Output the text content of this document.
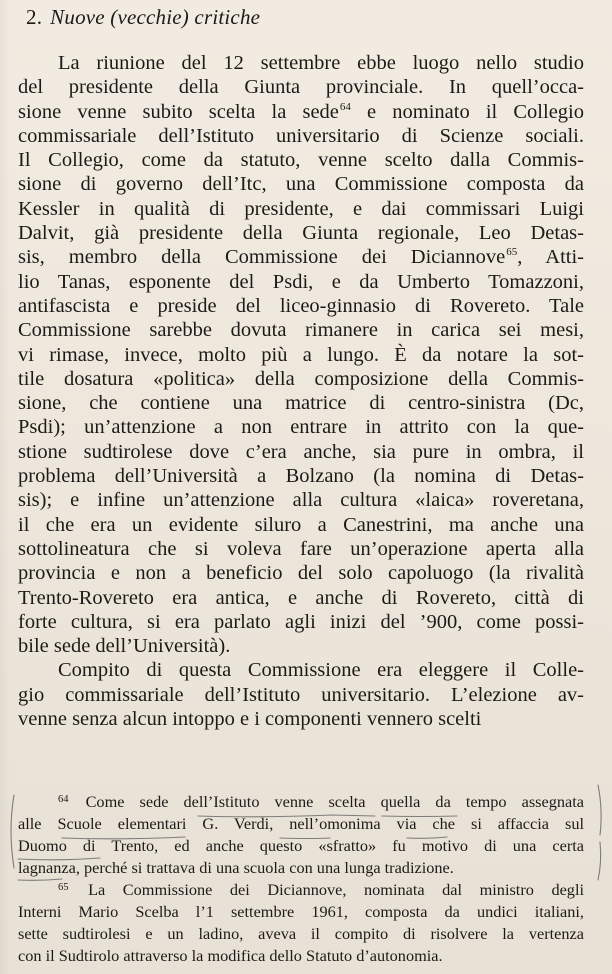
2. Nuove (vecchie) critiche
La riunione del 12 settembre ebbe luogo nello studio
del presidente della Giunta provinciale. In quell’occa-
sione venne subito scelta la sede$^{64}$ e nominato il Collegio
commissariale dell’Istituto universitario di Scienze sociali.
Il Collegio, come da statuto, venne scelto dalla Commis-
sione di governo dell’Itc, una Commissione composta da
Kessler in qualità di presidente, e dai commissari Luigi
Dalvit, già presidente della Giunta regionale, Leo Detas-
sis, membro della Commissione dei Diciannove$^{65}$, Atti-
lio Tanas, esponente del Psdi, e da Umberto Tomazzoni,
antifascista e preside del liceo-ginnasio di Rovereto. Tale
Commissione sarebbe dovuta rimanere in carica sei mesi,
vi rimase, invece, molto più a lungo. È da notare la sot-
tile dosatura «politica» della composizione della Commis-
sione, che contiene una matrice di centro-sinistra (Dc,
Psdi); un’attenzione a non entrare in attrito con la que-
stione sudtirolese dove c’era anche, sia pure in ombra, il
problema dell’Università a Bolzano (la nomina di Detas-
sis); e infine un’attenzione alla cultura «laica» roveretana,
il che era un evidente siluro a Canestrini, ma anche una
sottolineatura che si voleva fare un’operazione aperta alla
provincia e non a beneficio del solo capoluogo (la rivalità
Trento-Rovereto era antica, e anche di Rovereto, città di
forte cultura, si era parlato agli inizi del ’900, come possi-
bile sede dell’Università).
Compito di questa Commissione era eleggere il Colle-
gio commissariale dell’Istituto universitario. L’elezione av-
venne senza alcun intoppo e i componenti vennero scelti
$^{64}$ Come sede dell’Istituto venne scelta quella da tempo assegnata
alle Scuole elementari G. Verdi, nell’omonima via che si affaccia sul
Duomo di Trento, ed anche questo «sfratto» fu motivo di una certa
lagnanza, perché si trattava di una scuola con una lunga tradizione.
$^{65}$ La Commissione dei Diciannove, nominata dal ministro degli
Interni Mario Scelba l’1 settembre 1961, composta da undici italiani,
sette sudtirolesi e un ladino, aveva il compito di risolvere la vertenza
con il Sudtirolo attraverso la modifica dello Statuto d’autonomia.
